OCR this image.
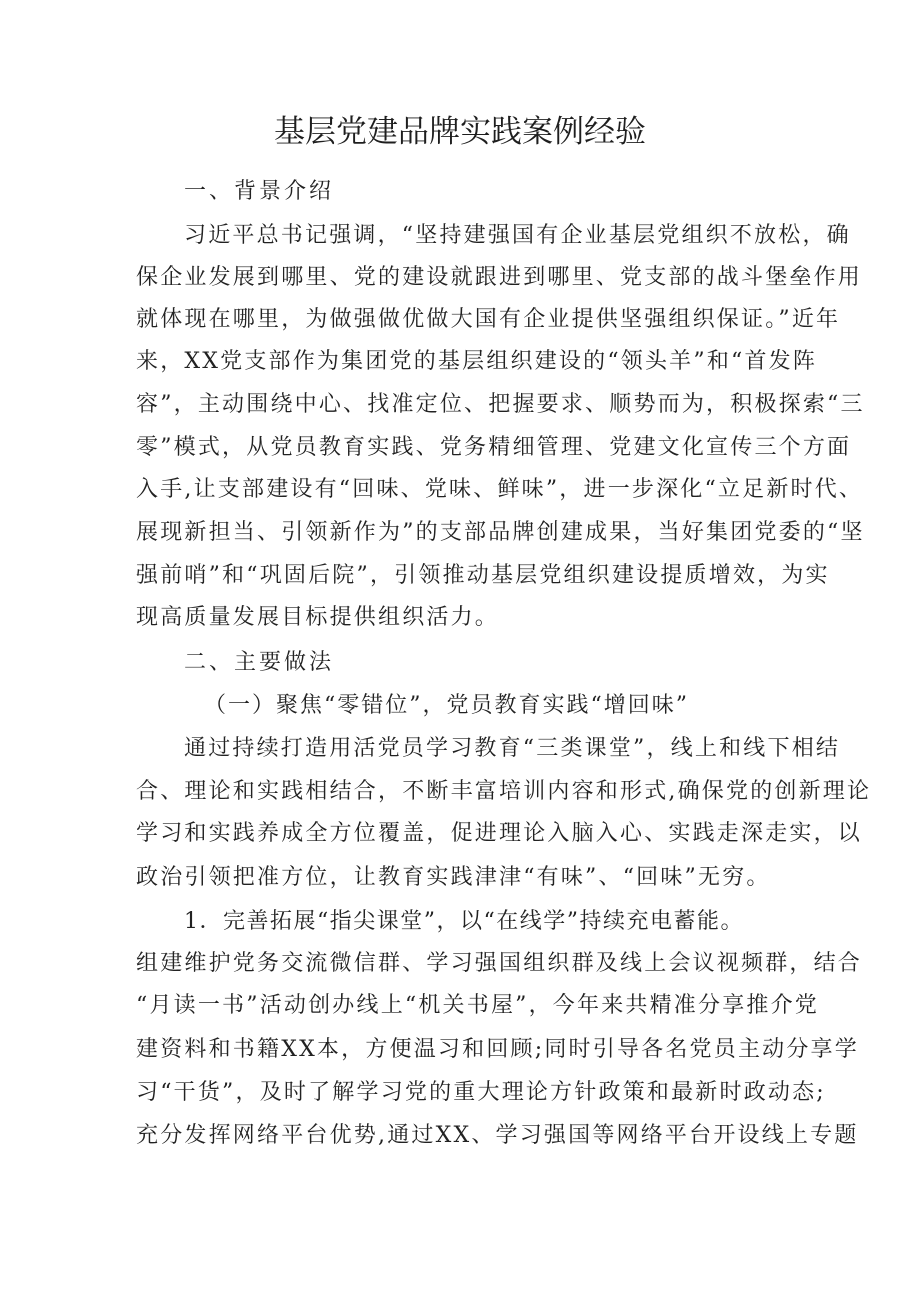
基层党建品牌实践案例经验
一、背景介绍
习近平总书记强调，“坚持建强国有企业基层党组织不放松，确
保企业发展到哪里、党的建设就跟进到哪里、党支部的战斗堡垒作用
就体现在哪里，为做强做优做大国有企业提供坚强组织保证。”近年
来，XX党支部作为集团党的基层组织建设的“领头羊”和“首发阵
容”，主动围绕中心、找准定位、把握要求、顺势而为，积极探索“三
零”模式，从党员教育实践、党务精细管理、党建文化宣传三个方面
入手,让支部建设有“回味、党味、鲜味”，进一步深化“立足新时代、
展现新担当、引领新作为”的支部品牌创建成果，当好集团党委的“坚
强前哨”和“巩固后院”，引领推动基层党组织建设提质增效，为实
现高质量发展目标提供组织活力。
二、主要做法
（一）聚焦“零错位”，党员教育实践“增回味”
通过持续打造用活党员学习教育“三类课堂”，线上和线下相结
合、理论和实践相结合，不断丰富培训内容和形式,确保党的创新理论
学习和实践养成全方位覆盖，促进理论入脑入心、实践走深走实，以
政治引领把准方位，让教育实践津津“有味”、“回味”无穷。
1．完善拓展“指尖课堂”，以“在线学”持续充电蓄能。
组建维护党务交流微信群、学习强国组织群及线上会议视频群，结合
“月读一书”活动创办线上“机关书屋”，今年来共精准分享推介党
建资料和书籍XX本，方便温习和回顾;同时引导各名党员主动分享学
习“干货”，及时了解学习党的重大理论方针政策和最新时政动态;
充分发挥网络平台优势,通过XX、学习强国等网络平台开设线上专题
